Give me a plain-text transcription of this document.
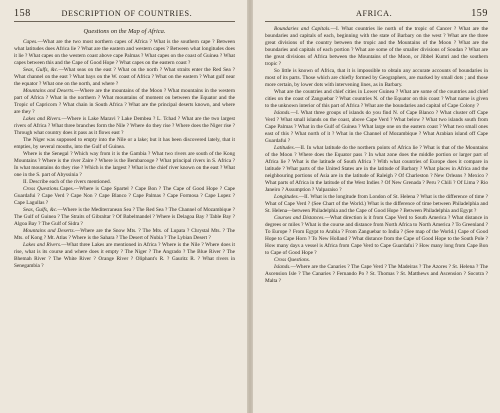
158	DESCRIPTION OF COUNTRIES.
Questions on the Map of Africa.

Capes.—What are the two most northern capes of Africa ? What is the southern cape ? Between what latitudes does Africa lie ? What are the eastern and western capes ? Between what longitudes does it lie ? What capes on the western coast above cape Palmas ? What capes on the coast of Guinea ? What capes between this and the Cape of Good Hope ? What capes on the eastern coast ?

Seas, Gulfs, &c.—What seas on the east ? What on the north ? What straits enter the Red Sea ? What channel on the east ? What bays on the W. coast of Africa ? What on the eastern ? What gulf near the equator ? What one on the north, and where ?

Mountains and Deserts.—Where are the mountains of the Moon ? What mountains in the western part of Africa ? What in the northern ? What mountains of moment on between the Equator and the Tropic of Capricorn ? What chain in South Africa ? What are the principal deserts known, and where are they ?

Lakes and Rivers.—Where is Lake Maravi ? Lake Dembea ? L. Tchad ? What are the two largest rivers of Africa ? What three branches form the Nile ? Where do they rise ? Where does the Niger rise ? Through what country does it pass as it flows east ?

The Niger was supposed to empty into the Nile or a lake; but it has been discovered lately, that it empties, by several mouths, into the Gulf of Guinea.

Where is the Senegal ? Which way from it is the Gambia ? What two rivers are south of the Kong Mountains ? Where is the river Zaire ? Where is the Bembarooge ? What principal rivers in S. Africa ? In what mountains do they rise ? Which is the largest ? What is the chief river known on the east ? What one in the S. part of Abyssinia ?

II. Describe each of the rivers mentioned.

Cross Questions.Capes.—Where is Cape Spartel ? Cape Bon ? The Cape of Good Hope ? Cape Guardafui ? Cape Verd ? Cape Non ? Cape Blanco ? Cape Palmas ? Cape Formosa ? Cape Lopez ? Cape Lagullas ?

Seas, Gulfs, &c.—Where is the Mediterranean Sea ? The Red Sea ? The Channel of Mozambique ? The Gulf of Guinea ? The Straits of Gibraltar ? Of Babelmandel ? Where is Delagoa Bay ? Table Bay ? Algoa Bay ? The Gulf of Sidra ?

Mountains and Deserts.—Where are the Snow Mts. ? The Mts. of Lupata ? Chrystal Mts. ? The Mts. of Kong ? Mt. Atlas ? Where is the Sahara ? The Desert of Nubia ? The Lybian Desert ?

Lakes and Rivers.—What three Lakes are mentioned in Africa ? Where is the Nile ? Where does it rise, what is its course and where does it empty ? The Niger ? The Angrado ? The Blue River ? The Bhemah River ? The White River ? Orange River ? Oliphant's R. ? Gauritz R. ? What rivers in Senegambia ?

AFRICA.	159

Boundaries and Capitals.—I. What countries lie north of the tropic of Cancer ? What are the boundaries and capitals of each, beginning with the state of Barbary on the west ? What are the three great divisions of the country between the tropic and the Mountains of the Moon ? What are the boundaries and capitals of each portion ? What are some of the smaller divisions of Soudan ? What are the great divisions of Africa between the Mountains of the Moon, or Jibbel Kumri and the southern tropic ?

So little is known of Africa, that it is impossible to obtain any accurate accounts of boundaries in most of its parts. Those which are chiefly formed by Geographers, are marked by small dots ; and those more certain, by lower dots with intervening lines, as in Barbary.

What are the countries and chief cities in Lower Guinea ? What are some of the countries and chief cities on the coast of Zanguebar ? What countries N. of the Equator on this coast ? What name is given to the unknown interior of this part of Africa ? What are the boundaries and capital of Cape Colony ?

Islands.—I. What three groups of islands do you find N. of Cape Blanco ? What cluster off Cape Verd ? What small islands on the coast, above Cape Verd ? What below ? What two islands south from Cape Palmas ? What in the Gulf of Guinea ? What large one on the eastern coast ? What two small ones east of this ? What north of it ? What in the Channel of Mozambique ? What Arabian island off Cape Guardafui ?

Latitudes.—II. In what latitude do the northern points of Africa lie ? What is that of the Mountains of the Moon ? Where does the Equator pass ? In what zone does the middle portion or larger part of Africa lie ? What is the latitude of South Africa ? With what countries of Europe does it compare in latitude ? What parts of the United States are in the latitude of Barbary ? What places in Africa and the neighbouring portions of Asia are in the latitude of Raleigh ? Of Charleston ? New Orleans ? Mexico ? What parts of Africa in the latitude of the West Indies ? Of New Grenada ? Peru ? Chili ? Of Lima ? Rio Janeiro ? Assumption ? Valparaiso ?

Longitudes.—II. What is the longitude from London of St. Helena ? What is the difference of time ? What of Cape Verd ? (See Chart of the World.) What is the difference of time between Philadelphia and St. Helena—between Philadelphia and the Cape of Good Hope ? Between Philadelphia and Egypt ?

Courses and Distances.—What direction is it from Cape Verd to South America ? What distance in degrees or miles ? What is the course and distance from North Africa to North America ? To Greenland ? To Europe ? From Egypt to Arabia ? From Zanguebar to India ? (See map of the World.) Cape of Good Hope to Cape Horn ? To New Holland ? What distance from the Cape of Good Hope to the South Pole ? How many days a vessel is Africa from Cape Verd to Cape Guardafui ? How many long from Cape Bon to Cape of Good Hope ?

Cross Questions.

Islands.—Where are the Canaries ? The Cape Verd ? The Madeiras ? The Azores ? St. Helena ? The Ascension Isle ? The Canaries ? Fernando Po ? St. Thomas ? St. Matthews and Ascension ? Socotra ? Malta ?
